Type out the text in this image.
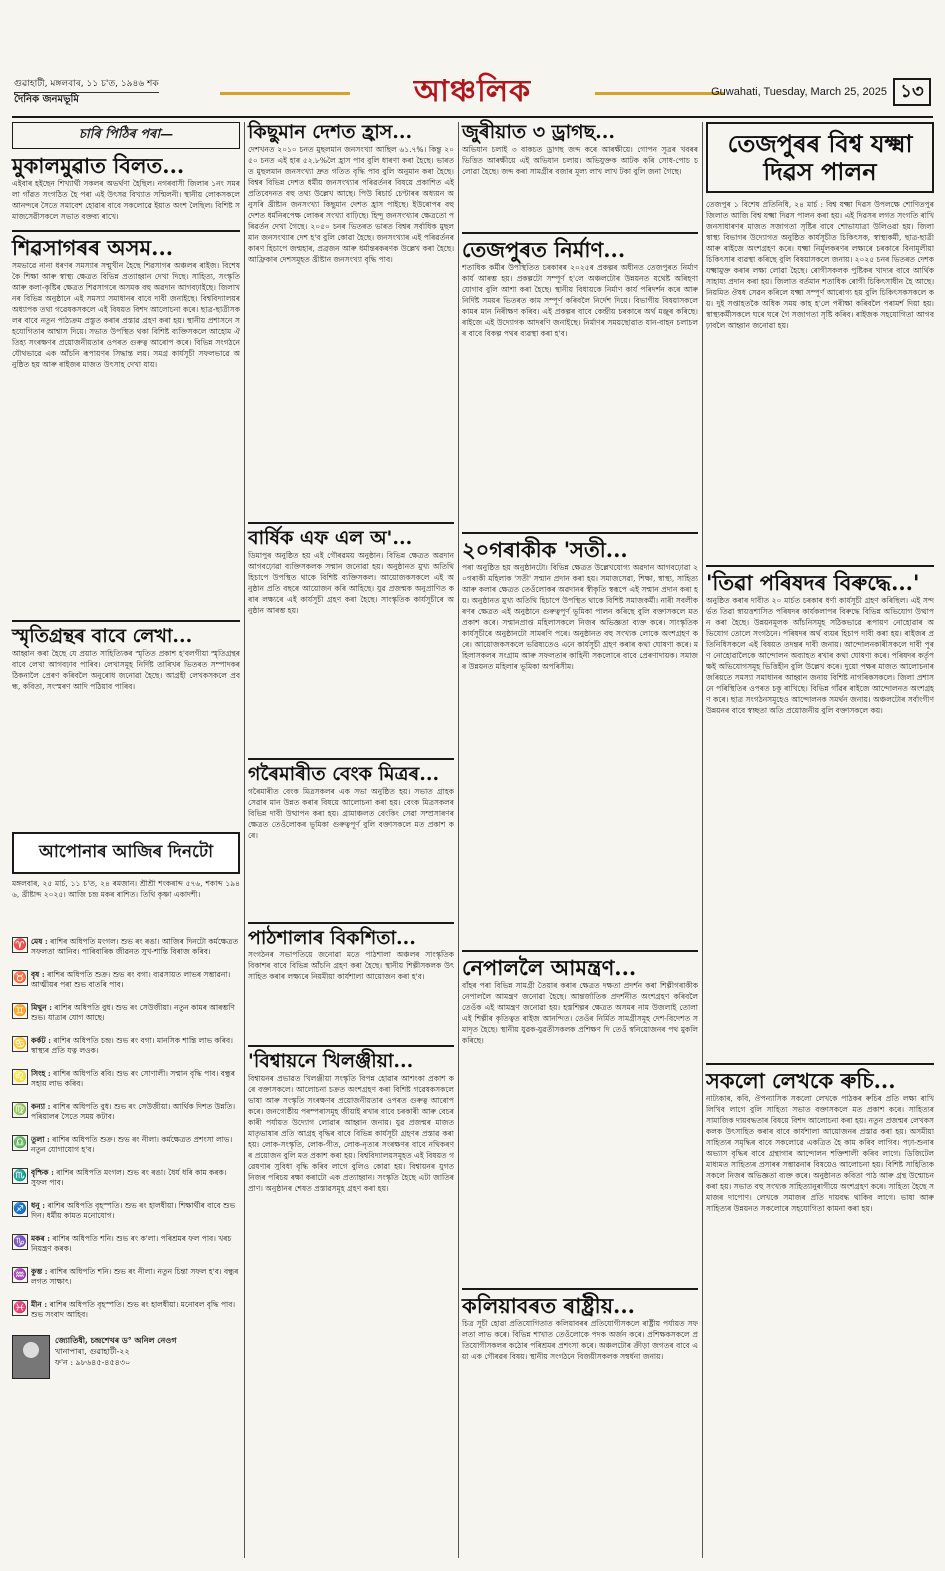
গুৱাহাটী, মঙ্গলবাৰ, ১১ চ'ত, ১৯৪৬ শক
দৈনিক জনমভূমি	আঞ্চলিক	Guwahati, Tuesday, March 25, 2025 ১৩
চাৰি পিঠিৰ পৰা—
মুকালমুৱাত বিলত...
এইবাৰ হইছেন শিখ্যাৰ্থী সকলৰ অভৰ্থণা হৈছিল। নগৰবাসী জিলাৰ ১নং সমৰলা গাঁৱত সংগঠিত হৈ পৰা এই উৎসৱ বিখ্যাত সন্মিলনী। স্থানীয় লোকসকলে আনন্দৰে সৈতে সমাবেশ হোৱাৰ বাবে সকলোৱে ইয়াত অংশ লৈছিল। বিশিষ্ট সমাজসেৱীসকলে সভাত বক্তব্য ৰাখে।
শিৱসাগৰৰ অসম...
সমভাৱে নানা ধৰণৰ সমস্যাৰ সন্মুখীন হৈছে শিৱসাগৰ অঞ্চলৰ ৰাইজ। বিশেষকৈ শিক্ষা আৰু স্বাস্থ্য ক্ষেত্ৰত বিভিন্ন প্ৰত্যাহ্বান দেখা দিছে। সাহিত্য, সংস্কৃতি আৰু কলা-কৃষ্টিৰ ক্ষেত্ৰত শিৱসাগৰে অসমক বহু অৱদান আগবঢ়াইছে। জিলাখনৰ বিভিন্ন অনুষ্ঠানে এই সমস্যা সমাধানৰ বাবে দাবী জনাইছে। বিশ্ববিদ্যালয়ৰ অধ্যাপক তথা গৱেষকসকলে এই বিষয়ত বিশদ আলোচনা কৰে। ছাত্ৰ-ছাত্ৰীসকলৰ বাবে নতুন পাঠ্যক্ৰম প্ৰস্তুত কৰাৰ প্ৰস্তাৱ গ্ৰহণ কৰা হয়। স্থানীয় প্ৰশাসনে সহযোগিতাৰ আশ্বাস দিয়ে। সভাত উপস্থিত থকা বিশিষ্ট ব্যক্তিসকলে আহোম ঐতিহ্য সংৰক্ষণৰ প্ৰয়োজনীয়তাৰ ওপৰত গুৰুত্ব আৰোপ কৰে। বিভিন্ন সংগঠনে যৌথভাৱে এক আঁচনি ৰূপায়ণৰ সিদ্ধান্ত লয়। সমগ্ৰ কাৰ্যসূচী সফলভাৱে অনুষ্ঠিত হয় আৰু ৰাইজৰ মাজত উৎসাহ দেখা যায়।
স্মৃতিগ্ৰন্থৰ বাবে লেখা...
আহ্বান কৰা হৈছে যে প্ৰয়াত সাহিত্যিকৰ স্মৃতিত প্ৰকাশ হ'বলগীয়া স্মৃতিগ্ৰন্থৰ বাবে লেখা আগবঢ়াব পাৰিব। লেখাসমূহ নিৰ্দিষ্ট তাৰিখৰ ভিতৰত সম্পাদকৰ ঠিকনালৈ প্ৰেৰণ কৰিবলৈ অনুৰোধ জনোৱা হৈছে। আগ্ৰহী লেখকসকলে প্ৰবন্ধ, কবিতা, সংস্মৰণ আদি পঠিয়াব পাৰিব।
আপোনাৰ আজিৰ দিনটো
মঙ্গলবাৰ, ২৫ মাৰ্চ, ১১ চ'ত, ২৪ ৰমজান। শ্ৰীশ্ৰী শংকৰাব্দ ৫৭৬, শকাব্দ ১৯৪৬, খ্ৰীষ্টাব্দ ২০২৫। আজি চন্দ্ৰ মকৰ ৰাশিত। তিথি কৃষ্ণা একাদশী।
♈ মেষ : ৰাশিৰ অধিপতি মংগল। শুভ ৰং ৰঙা। আজিৰ দিনটো কৰ্মক্ষেত্ৰত সফলতা আনিব। পাৰিবাৰিক জীৱনত সুখ-শান্তি বিৰাজ কৰিব।
♉ বৃষ : ৰাশিৰ অধিপতি শুক্ৰ। শুভ ৰং বগা। ব্যৱসায়ত লাভৰ সম্ভাৱনা। আত্মীয়ৰ পৰা শুভ বাতৰি পাব।
♊ মিথুন : ৰাশিৰ অধিপতি বুধ। শুভ ৰং সেউজীয়া। নতুন কামৰ আৰম্ভণি শুভ। যাত্ৰাৰ যোগ আছে।
♋ কৰ্কট : ৰাশিৰ অধিপতি চন্দ্ৰ। শুভ ৰং বগা। মানসিক শান্তি লাভ কৰিব। স্বাস্থ্যৰ প্ৰতি যত্ন লওক।
♌ সিংহ : ৰাশিৰ অধিপতি ৰবি। শুভ ৰং সোণালী। সন্মান বৃদ্ধি পাব। বন্ধুৰ সহায় লাভ কৰিব।
♍ কন্যা : ৰাশিৰ অধিপতি বুধ। শুভ ৰং সেউজীয়া। আৰ্থিক দিশত উন্নতি। পৰিয়ালৰ সৈতে সময় কটাব।
♎ তুলা : ৰাশিৰ অধিপতি শুক্ৰ। শুভ ৰং নীলা। কৰ্মক্ষেত্ৰত প্ৰশংসা লাভ। নতুন যোগাযোগ হ'ব।
♏ বৃশ্চিক : ৰাশিৰ অধিপতি মংগল। শুভ ৰং ৰঙা। ধৈৰ্য ধৰি কাম কৰক। সুফল পাব।
♐ ধনু : ৰাশিৰ অধিপতি বৃহস্পতি। শুভ ৰং হালধীয়া। শিক্ষাৰ্থীৰ বাবে শুভ দিন। ধৰ্মীয় কামত মনোযোগ।
♑ মকৰ : ৰাশিৰ অধিপতি শনি। শুভ ৰং ক'লা। পৰিশ্ৰমৰ ফল পাব। খৰচ নিয়ন্ত্ৰণ কৰক।
♒ কুম্ভ : ৰাশিৰ অধিপতি শনি। শুভ ৰং নীলা। নতুন চিন্তা সফল হ'ব। বন্ধুৰ লগত সাক্ষাৎ।
♓ মীন : ৰাশিৰ অধিপতি বৃহস্পতি। শুভ ৰং হালধীয়া। মনোবল বৃদ্ধি পাব। শুভ সংবাদ আহিব।
জ্যোতিষী, চন্দ্ৰশেখৰ ড° অনিল নেওগ
খানাপাৰা, গুৱাহাটী-২২
ফ'ন : ৯৮৬৪৫-৪৫৪৩০
কিছুমান দেশত হ্ৰাস...
দেশখনত ২০১০ চনত মুছলমান জনসংখ্যা আছিল ৬১.৭%। কিন্তু ২০৫০ চনত এই হাৰ ৫২.৮%লৈ হ্ৰাস পাব বুলি ধাৰণা কৰা হৈছে। ভাৰতত মুছলমান জনসংখ্যা দ্ৰুত গতিত বৃদ্ধি পাব বুলি অনুমান কৰা হৈছে। বিশ্বৰ বিভিন্ন দেশত ধৰ্মীয় জনসংখ্যাৰ পৰিৱৰ্তনৰ বিষয়ে প্ৰকাশিত এই প্ৰতিবেদনত বহু তথ্য উল্লেখ আছে। পিউ ৰিচাৰ্চ চেণ্টাৰৰ অধ্যয়ন অনুসৰি খ্ৰীষ্টান জনসংখ্যা কিছুমান দেশত হ্ৰাস পাইছে। ইউৰোপৰ বহু দেশত ধৰ্মনিৰপেক্ষ লোকৰ সংখ্যা বাঢ়িছে। হিন্দু জনসংখ্যাৰ ক্ষেত্ৰতো পৰিৱৰ্তন দেখা গৈছে। ২০৫০ চনৰ ভিতৰত ভাৰত বিশ্বৰ সৰ্বাধিক মুছলমান জনসংখ্যাৰ দেশ হ'ব বুলি কোৱা হৈছে। জনসংখ্যাৰ এই পৰিৱৰ্তনৰ কাৰণ হিচাপে জন্মহাৰ, প্ৰব্ৰজন আৰু ধৰ্মান্তৰকৰণক উল্লেখ কৰা হৈছে। আফ্ৰিকাৰ দেশসমূহত খ্ৰীষ্টান জনসংখ্যা বৃদ্ধি পাব।
বাৰ্ষিক এফ এল অ'...
ডিমাপুৰ অনুষ্ঠিত হয় এই গৌৰৱময় অনুষ্ঠান। বিভিন্ন ক্ষেত্ৰত অৱদান আগবঢ়োৱা ব্যক্তিসকলক সন্মান জনোৱা হয়। অনুষ্ঠানত মুখ্য অতিথি হিচাপে উপস্থিত থাকে বিশিষ্ট ব্যক্তিসকল। আয়োজকসকলে এই অনুষ্ঠান প্ৰতি বছৰে আয়োজন কৰি আহিছে। যুৱ প্ৰজন্মক অনুপ্ৰাণিত কৰাৰ লক্ষ্যৰে এই কাৰ্যসূচী গ্ৰহণ কৰা হৈছে। সাংস্কৃতিক কাৰ্যসূচীৰে অনুষ্ঠান আৰম্ভ হয়।
গৰৈমাৰীত বেংক মিত্ৰৰ...
গৰৈমাৰীত বেংক মিত্ৰসকলৰ এক সভা অনুষ্ঠিত হয়। সভাত গ্ৰাহক সেৱাৰ মান উন্নত কৰাৰ বিষয়ে আলোচনা কৰা হয়। বেংক মিত্ৰসকলৰ বিভিন্ন দাবী উত্থাপন কৰা হয়। গ্ৰামাঞ্চলত বেংকিং সেৱা সম্প্ৰসাৰণৰ ক্ষেত্ৰত তেওঁলোকৰ ভূমিকা গুৰুত্বপূৰ্ণ বুলি বক্তাসকলে মত প্ৰকাশ কৰে।
পাঠশালাৰ বিকশিতা...
সংগঠনৰ সভাপতিয়ে জনোৱা মতে পাঠশালা অঞ্চলৰ সাংস্কৃতিক বিকাশৰ বাবে বিভিন্ন আঁচনি গ্ৰহণ কৰা হৈছে। স্থানীয় শিল্পীসকলক উৎসাহিত কৰাৰ লক্ষ্যৰে নিয়মীয়া কাৰ্যশালা আয়োজন কৰা হ'ব।
'বিশ্বায়নে খিলঞ্জীয়া...
বিশ্বায়নৰ প্ৰভাৱত খিলঞ্জীয়া সংস্কৃতি বিপন্ন হোৱাৰ আশংকা প্ৰকাশ কৰে বক্তাসকলে। আলোচনা চক্ৰত অংশগ্ৰহণ কৰা বিশিষ্ট গৱেষকসকলে ভাষা আৰু সংস্কৃতি সংৰক্ষণৰ প্ৰয়োজনীয়তাৰ ওপৰত গুৰুত্ব আৰোপ কৰে। জনগোষ্ঠীয় পৰম্পৰাসমূহ জীয়াই ৰখাৰ বাবে চৰকাৰী আৰু বেচৰকাৰী পৰ্যায়ত উদ্যোগ লোৱাৰ আহ্বান জনায়। যুৱ প্ৰজন্মৰ মাজত মাতৃভাষাৰ প্ৰতি আগ্ৰহ বৃদ্ধিৰ বাবে বিভিন্ন কাৰ্যসূচী গ্ৰহণৰ প্ৰস্তাৱ কৰা হয়। লোক-সংস্কৃতি, লোক-গীত, লোক-নৃত্যৰ সংৰক্ষণৰ বাবে নথিকৰণৰ প্ৰয়োজন বুলি মত প্ৰকাশ কৰা হয়। বিশ্ববিদ্যালয়সমূহত এই বিষয়ত গৱেষণাৰ সুবিধা বৃদ্ধি কৰিব লাগে বুলিও কোৱা হয়। বিশ্বায়নৰ যুগত নিজৰ পৰিচয় ৰক্ষা কৰাটো এক প্ৰত্যাহ্বান। সংস্কৃতি হৈছে এটা জাতিৰ প্ৰাণ। অনুষ্ঠানৰ শেষত প্ৰস্তাৱসমূহ গ্ৰহণ কৰা হয়।
জুৰীয়াত ৩ ড্ৰাগছ...
অভিযান চলাই ৩ বাকচত ড্ৰাগছ জব্দ কৰে আৰক্ষীয়ে। গোপন সূত্ৰৰ খবৰৰ ভিত্তিত আৰক্ষীয়ে এই অভিযান চলায়। অভিযুক্তক আটক কৰি সোধ-পোচ চলোৱা হৈছে। জব্দ কৰা সামগ্ৰীৰ বজাৰ মূল্য লাখ লাখ টকা বুলি জনা গৈছে।
তেজপুৰত নিৰ্মাণ...
শতাধিক কৰ্মীৰ উপস্থিতিত চৰকাৰৰ ২০২৫ৰ প্ৰকল্পৰ অধীনত তেজপুৰত নিৰ্মাণ কাৰ্য আৰম্ভ হয়। প্ৰকল্পটো সম্পূৰ্ণ হ'লে অঞ্চলটোৰ উন্নয়নত যথেষ্ট অৰিহণা যোগাব বুলি আশা কৰা হৈছে। স্থানীয় বিধায়কে নিৰ্মাণ কাৰ্য পৰিদৰ্শন কৰে আৰু নিৰ্দিষ্ট সময়ৰ ভিতৰত কাম সম্পূৰ্ণ কৰিবলৈ নিৰ্দেশ দিয়ে। বিভাগীয় বিষয়াসকলে কামৰ মান নিৰীক্ষণ কৰিব। এই প্ৰকল্পৰ বাবে কেন্দ্ৰীয় চৰকাৰে অৰ্থ মঞ্জুৰ কৰিছে। ৰাইজে এই উদ্যোগক আদৰণি জনাইছে। নিৰ্মাণৰ সময়ছোৱাত যান-বাহন চলাচলৰ বাবে বিকল্প পথৰ ব্যৱস্থা কৰা হ'ব।
২০গৰাকীক 'সতী...
পৰা অনুষ্ঠিত হয় অনুষ্ঠানটো। বিভিন্ন ক্ষেত্ৰত উল্লেখযোগ্য অৱদান আগবঢ়োৱা ২০গৰাকী মহিলাক 'সতী' সন্মান প্ৰদান কৰা হয়। সমাজসেৱা, শিক্ষা, স্বাস্থ্য, সাহিত্য আৰু কলাৰ ক্ষেত্ৰত তেওঁলোকৰ অৱদানৰ স্বীকৃতি স্বৰূপে এই সন্মান প্ৰদান কৰা হয়। অনুষ্ঠানত মুখ্য অতিথি হিচাপে উপস্থিত থাকে বিশিষ্ট সমাজকৰ্মী। নাৰী সবলীকৰণৰ ক্ষেত্ৰত এই অনুষ্ঠানে গুৰুত্বপূৰ্ণ ভূমিকা পালন কৰিছে বুলি বক্তাসকলে মত প্ৰকাশ কৰে। সন্মানপ্ৰাপ্ত মহিলাসকলে নিজৰ অভিজ্ঞতা ব্যক্ত কৰে। সাংস্কৃতিক কাৰ্যসূচীৰে অনুষ্ঠানটো সামৰণি পৰে। অনুষ্ঠানত বহু সংখ্যক লোকে অংশগ্ৰহণ কৰে। আয়োজকসকলে ভৱিষ্যতেও এনে কাৰ্যসূচী গ্ৰহণ কৰাৰ কথা ঘোষণা কৰে। মহিলাসকলৰ সংগ্ৰাম আৰু সফলতাৰ কাহিনী সকলোৰে বাবে প্ৰেৰণাদায়ক। সমাজৰ উন্নয়নত মহিলাৰ ভূমিকা অপৰিসীম।
নেপাললৈ আমন্ত্ৰণ...
বাঁহৰ পৰা বিভিন্ন সামগ্ৰী তৈয়াৰ কৰাৰ ক্ষেত্ৰত দক্ষতা প্ৰদৰ্শন কৰা শিল্পীগৰাকীক নেপাললৈ আমন্ত্ৰণ জনোৱা হৈছে। আন্তৰ্জাতিক প্ৰদৰ্শনীত অংশগ্ৰহণ কৰিবলৈ তেওঁক এই আমন্ত্ৰণ জনোৱা হয়। হস্তশিল্পৰ ক্ষেত্ৰত অসমৰ নাম উজলাই তোলা এই শিল্পীৰ কৃতিত্বত ৰাইজ আনন্দিত। তেওঁৰ নিৰ্মিত সামগ্ৰীসমূহ দেশ-বিদেশত সমাদৃত হৈছে। স্থানীয় যুৱক-যুৱতীসকলক প্ৰশিক্ষণ দি তেওঁ স্বনিয়োজনৰ পথ মুকলি কৰিছে।
কলিয়াবৰত ৰাষ্ট্ৰীয়...
চিত্ৰ সূচী হোৱা প্ৰতিযোগিতাত কলিয়াবৰৰ প্ৰতিযোগীসকলে ৰাষ্ট্ৰীয় পৰ্যায়ত সফলতা লাভ কৰে। বিভিন্ন শাখাত তেওঁলোকে পদক অৰ্জন কৰে। প্ৰশিক্ষকসকলে প্ৰতিযোগীসকলৰ কঠোৰ পৰিশ্ৰমৰ প্ৰশংসা কৰে। অঞ্চলটোৰ ক্ৰীড়া জগতৰ বাবে এয়া এক গৌৰৱৰ বিষয়। স্থানীয় সংগঠনে বিজয়ীসকলক সম্বৰ্ধনা জনায়।
তেজপুৰৰ বিশ্ব যক্ষ্মা দিৱস পালন
তেজপুৰ ১ বিশেষ প্ৰতিনিধি, ২৪ মাৰ্চ : বিশ্ব যক্ষ্মা দিৱস উপলক্ষে শোণিতপুৰ জিলাত আজি বিশ্ব যক্ষ্মা দিৱস পালন কৰা হয়। এই দিৱসৰ লগত সংগতি ৰাখি জনসাধাৰণৰ মাজত সজাগতা সৃষ্টিৰ বাবে শোভাযাত্ৰা উলিওৱা হয়। জিলা স্বাস্থ্য বিভাগৰ উদ্যোগত অনুষ্ঠিত কাৰ্যসূচীত চিকিৎসক, স্বাস্থ্যকৰ্মী, ছাত্ৰ-ছাত্ৰী আৰু ৰাইজে অংশগ্ৰহণ কৰে। যক্ষ্মা নিৰ্মূলকৰণৰ লক্ষ্যৰে চৰকাৰে বিনামূলীয়া চিকিৎসাৰ ব্যৱস্থা কৰিছে বুলি বিষয়াসকলে জনায়। ২০২৫ চনৰ ভিতৰত দেশক যক্ষ্মামুক্ত কৰাৰ লক্ষ্য লোৱা হৈছে। ৰোগীসকলক পুষ্টিকৰ খাদ্যৰ বাবে আৰ্থিক সাহায্য প্ৰদান কৰা হয়। জিলাত বৰ্তমান শতাধিক ৰোগী চিকিৎসাধীন হৈ আছে। নিয়মিত ঔষধ সেৱন কৰিলে যক্ষ্মা সম্পূৰ্ণ আৰোগ্য হয় বুলি চিকিৎসকসকলে কয়। দুই সপ্তাহতকৈ অধিক সময় কাহ হ'লে পৰীক্ষা কৰিবলৈ পৰামৰ্শ দিয়া হয়। স্বাস্থ্যকৰ্মীসকলে ঘৰে ঘৰে গৈ সজাগতা সৃষ্টি কৰিব। ৰাইজক সহযোগিতা আগবঢ়াবলৈ আহ্বান জনোৱা হয়।
'তিৱা পৰিষদৰ বিৰুদ্ধে...'
অনুষ্ঠিত কৰাৰ দাবীত ২০ মাৰ্চত চৰকাৰ ধৰ্ণা কাৰ্যসূচী গ্ৰহণ কৰিছিল। এই সন্দৰ্ভত তিৱা স্বায়ত্তশাসিত পৰিষদৰ কাৰ্যকলাপৰ বিৰুদ্ধে বিভিন্ন অভিযোগ উত্থাপন কৰা হৈছে। উন্নয়নমূলক আঁচনিসমূহ সঠিকভাৱে ৰূপায়ণ নোহোৱাৰ অভিযোগ তোলে সংগঠনে। পৰিষদৰ অৰ্থ ব্যয়ৰ হিচাপ দাবী কৰা হয়। ৰাইজৰ প্ৰতিনিধিসকলে এই বিষয়ত তদন্তৰ দাবী জনায়। আন্দোলনকাৰীসকলে দাবী পূৰণ নোহোৱালৈকে আন্দোলন অব্যাহত ৰখাৰ কথা ঘোষণা কৰে। পৰিষদৰ কৰ্তৃপক্ষই অভিযোগসমূহ ভিত্তিহীন বুলি উল্লেখ কৰে। দুয়ো পক্ষৰ মাজত আলোচনাৰ জৰিয়তে সমস্যা সমাধানৰ আহ্বান জনায় বিশিষ্ট নাগৰিকসকলে। জিলা প্ৰশাসনে পৰিস্থিতিৰ ওপৰত চকু ৰাখিছে। বিভিন্ন গাঁৱৰ ৰাইজে আন্দোলনত অংশগ্ৰহণ কৰে। ছাত্ৰ সংগঠনসমূহেও আন্দোলনক সমৰ্থন জনায়। অঞ্চলটোৰ সৰ্বাংগীণ উন্নয়নৰ বাবে স্বচ্ছতা অতি প্ৰয়োজনীয় বুলি বক্তাসকলে কয়।
সকলো লেখকে ৰুচি...
নাট্যকাৰ, কবি, ঔপন্যাসিক সকলো লেখকে পাঠকৰ ৰুচিৰ প্ৰতি লক্ষ্য ৰাখি লিখিব লাগে বুলি সাহিত্য সভাত বক্তাসকলে মত প্ৰকাশ কৰে। সাহিত্যৰ সামাজিক দায়বদ্ধতাৰ বিষয়ে বিশদ আলোচনা কৰা হয়। নতুন প্ৰজন্মৰ লেখকসকলক উৎসাহিত কৰাৰ বাবে কাৰ্যশালা আয়োজনৰ প্ৰস্তাৱ কৰা হয়। অসমীয়া সাহিত্যৰ সমৃদ্ধিৰ বাবে সকলোৱে একত্ৰিত হৈ কাম কৰিব লাগিব। পঢ়া-শুনাৰ অভ্যাস বৃদ্ধিৰ বাবে গ্ৰন্থাগাৰ আন্দোলন শক্তিশালী কৰিব লাগে। ডিজিটেল মাধ্যমত সাহিত্যৰ প্ৰসাৰৰ সম্ভাৱনাৰ বিষয়েও আলোচনা হয়। বিশিষ্ট সাহিত্যিকসকলে নিজৰ অভিজ্ঞতা ব্যক্ত কৰে। অনুষ্ঠানত কবিতা পাঠ আৰু গ্ৰন্থ উন্মোচন কৰা হয়। সভাত বহু সংখ্যক সাহিত্যানুৰাগীয়ে অংশগ্ৰহণ কৰে। সাহিত্য হৈছে সমাজৰ দাপোণ। লেখকে সমাজৰ প্ৰতি দায়বদ্ধ থাকিব লাগে। ভাষা আৰু সাহিত্যৰ উন্নয়নত সকলোৰে সহযোগিতা কামনা কৰা হয়।
